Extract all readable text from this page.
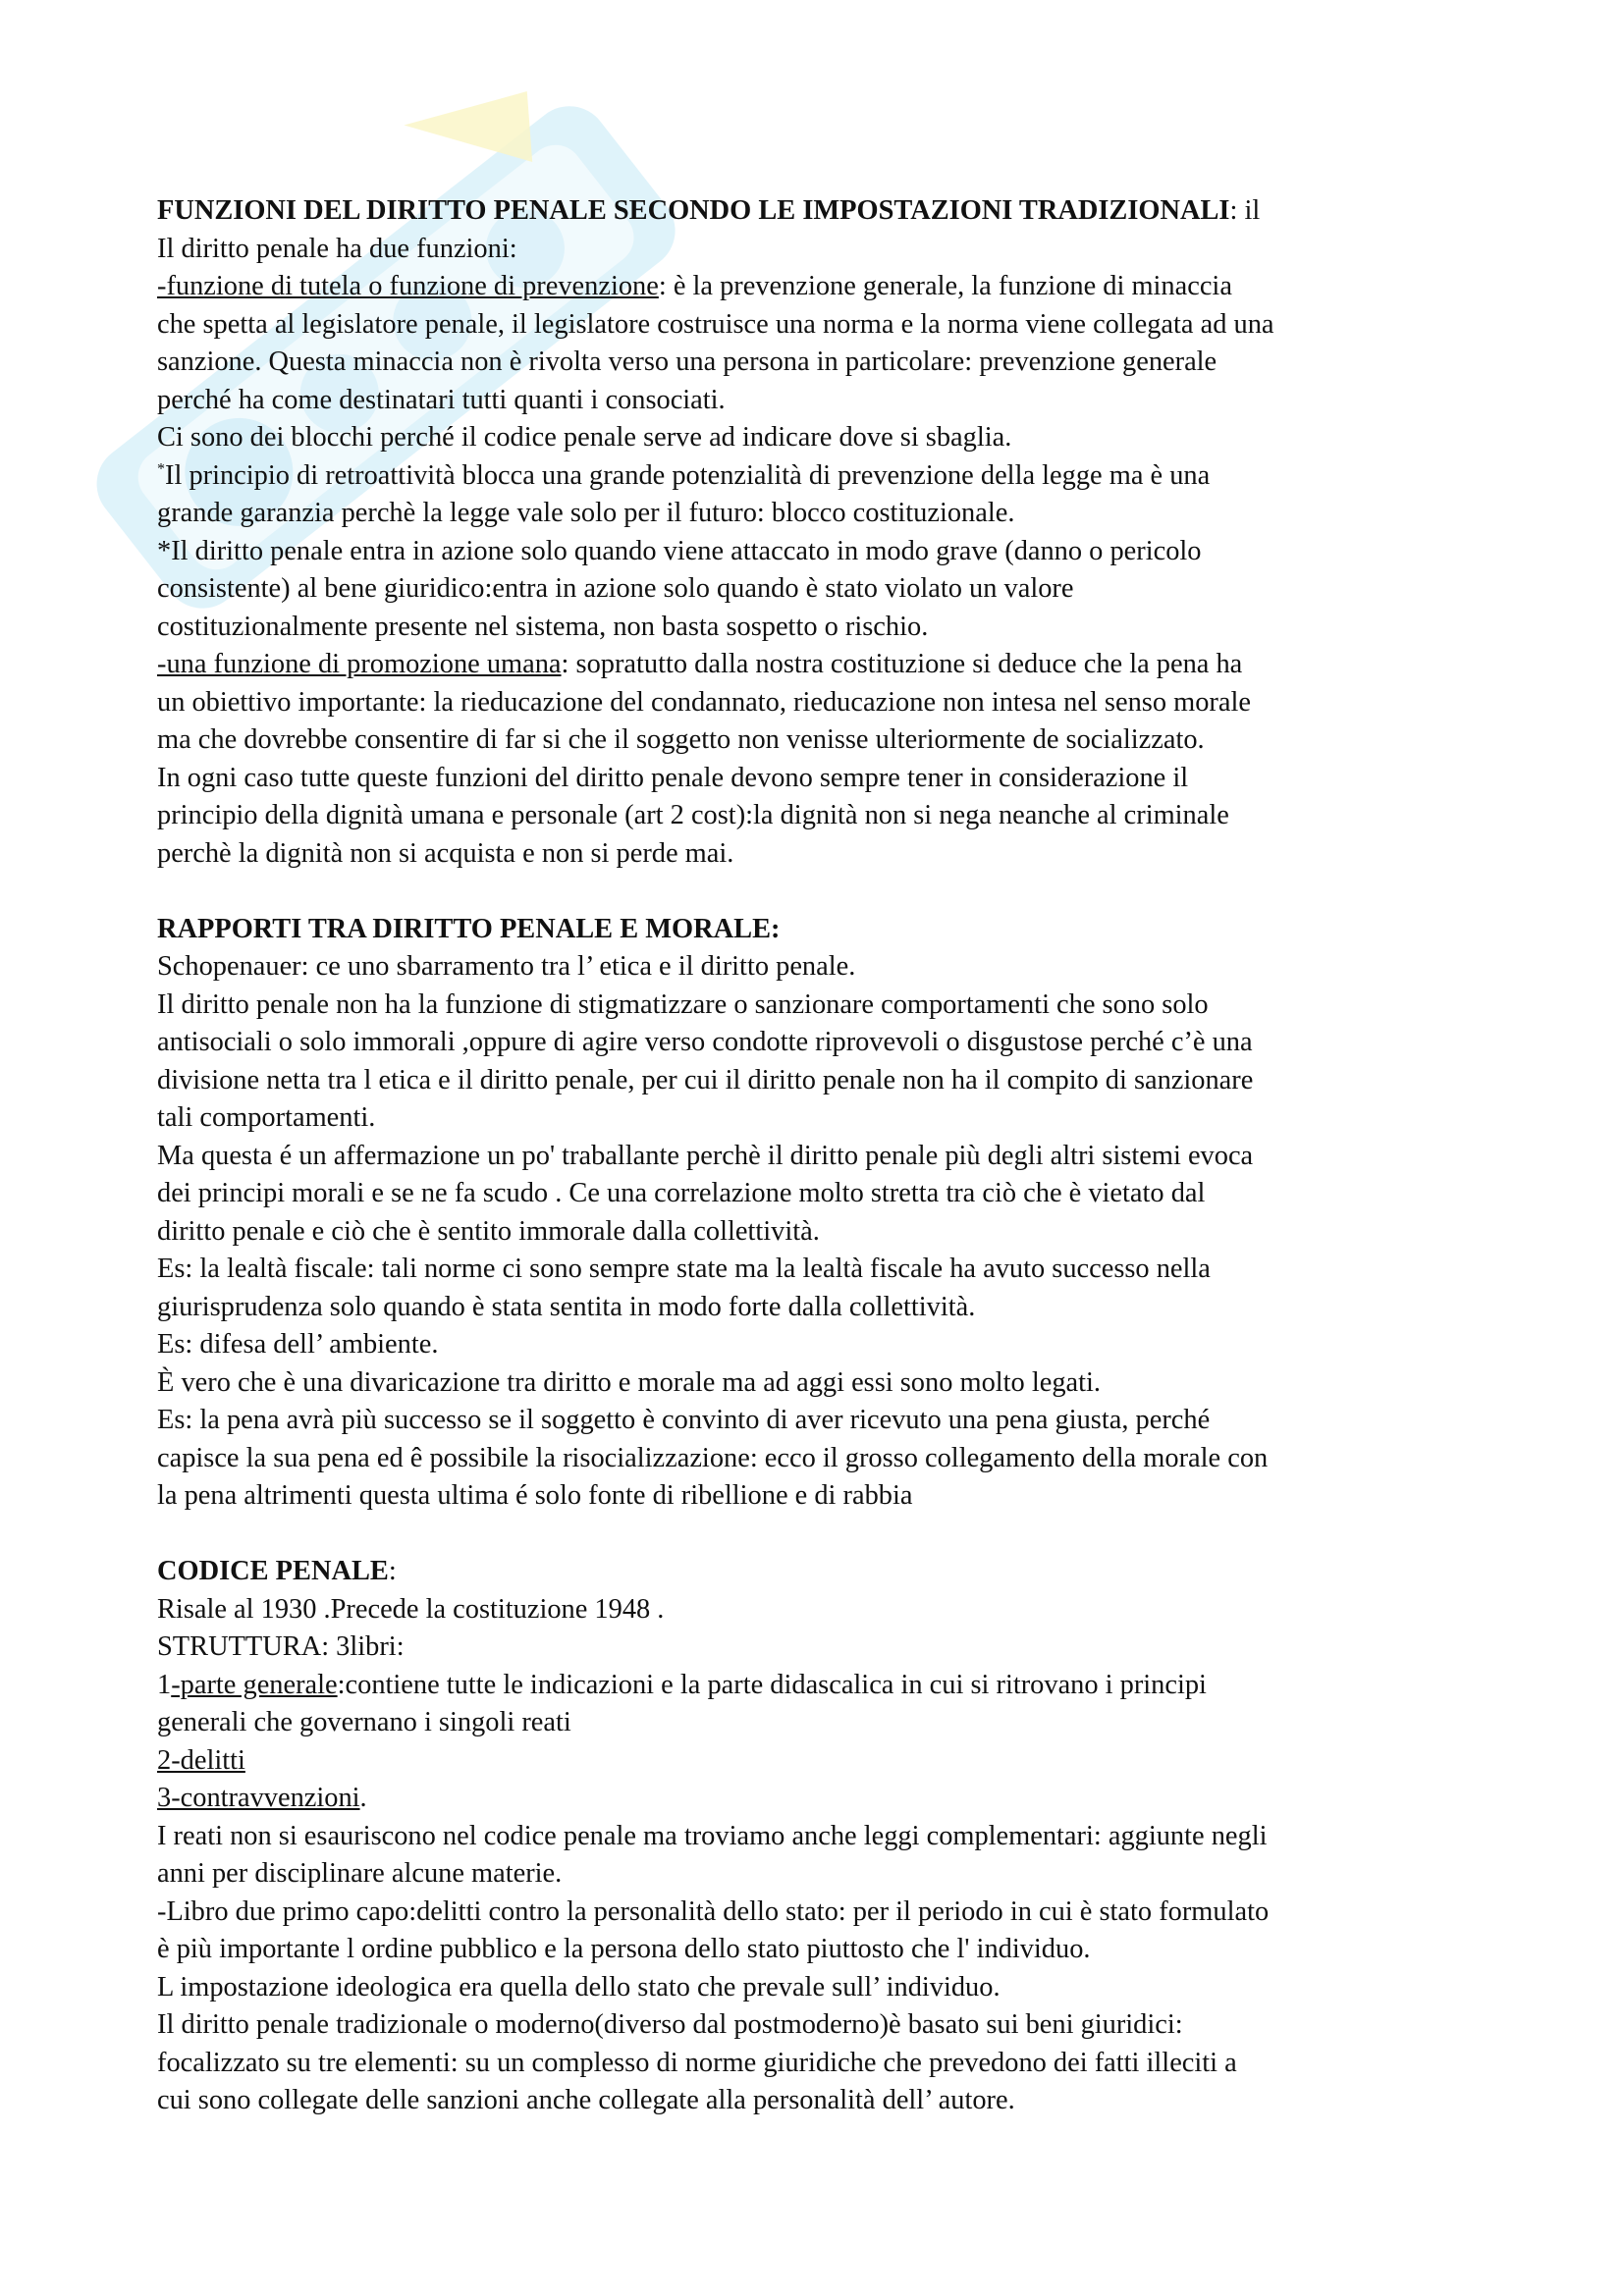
FUNZIONI DEL DIRITTO PENALE SECONDO LE IMPOSTAZIONI TRADIZIONALI: il
Il diritto penale ha due funzioni:
-funzione di tutela o funzione di prevenzione: è la prevenzione generale, la funzione di minaccia
che spetta al legislatore penale, il legislatore costruisce una norma e la norma viene collegata ad una
sanzione. Questa minaccia non è rivolta verso una persona in particolare: prevenzione generale
perché ha come destinatari tutti quanti i consociati.
Ci sono dei blocchi perché il codice penale serve ad indicare dove si sbaglia.
*Il principio di retroattività blocca una grande potenzialità di prevenzione della legge ma è una
grande garanzia perchè la legge vale solo per il futuro: blocco costituzionale.
*Il diritto penale entra in azione solo quando viene attaccato in modo grave (danno o pericolo
consistente) al bene giuridico:entra in azione solo quando è stato violato un valore
costituzionalmente presente nel sistema, non basta sospetto o rischio.
-una funzione di promozione umana: sopratutto dalla nostra costituzione si deduce che la pena ha
un obiettivo importante: la rieducazione del condannato, rieducazione non intesa nel senso morale
ma che dovrebbe consentire di far si che il soggetto non venisse ulteriormente de socializzato.
In ogni caso tutte queste funzioni del diritto penale devono sempre tener in considerazione il
principio della dignità umana e personale (art 2 cost):la dignità non si nega neanche al criminale
perchè la dignità non si acquista e non si perde mai.
RAPPORTI TRA DIRITTO PENALE E MORALE:
Schopenauer: ce uno sbarramento tra l’ etica e il diritto penale.
Il diritto penale non ha la funzione di stigmatizzare o sanzionare comportamenti che sono solo
antisociali o solo immorali ,oppure di agire verso condotte riprovevoli o disgustose perché c’è una
divisione netta tra l etica e il diritto penale, per cui il diritto penale non ha il compito di sanzionare
tali comportamenti.
Ma questa é un affermazione un po' traballante perchè il diritto penale più degli altri sistemi evoca
dei principi morali e se ne fa scudo . Ce una correlazione molto stretta tra ciò che è vietato dal
diritto penale e ciò che è sentito immorale dalla collettività.
Es: la lealtà fiscale: tali norme ci sono sempre state ma la lealtà fiscale ha avuto successo nella
giurisprudenza solo quando è stata sentita in modo forte dalla collettività.
Es: difesa dell’ ambiente.
È vero che è una divaricazione tra diritto e morale ma ad aggi essi sono molto legati.
Es: la pena avrà più successo se il soggetto è convinto di aver ricevuto una pena giusta, perché
capisce la sua pena ed ê possibile la risocializzazione: ecco il grosso collegamento della morale con
la pena altrimenti questa ultima é solo fonte di ribellione e di rabbia
CODICE PENALE:
Risale al 1930 .Precede la costituzione 1948 .
STRUTTURA: 3libri:
1-parte generale:contiene tutte le indicazioni e la parte didascalica in cui si ritrovano i principi
generali che governano i singoli reati
2-delitti
3-contravvenzioni.
I reati non si esauriscono nel codice penale ma troviamo anche leggi complementari: aggiunte negli
anni per disciplinare alcune materie.
-Libro due primo capo:delitti contro la personalità dello stato: per il periodo in cui è stato formulato
è più importante l ordine pubblico e la persona dello stato piuttosto che l' individuo.
L impostazione ideologica era quella dello stato che prevale sull’ individuo.
Il diritto penale tradizionale o moderno(diverso dal postmoderno)è basato sui beni giuridici:
focalizzato su tre elementi: su un complesso di norme giuridiche che prevedono dei fatti illeciti a
cui sono collegate delle sanzioni anche collegate alla personalità dell’ autore.
